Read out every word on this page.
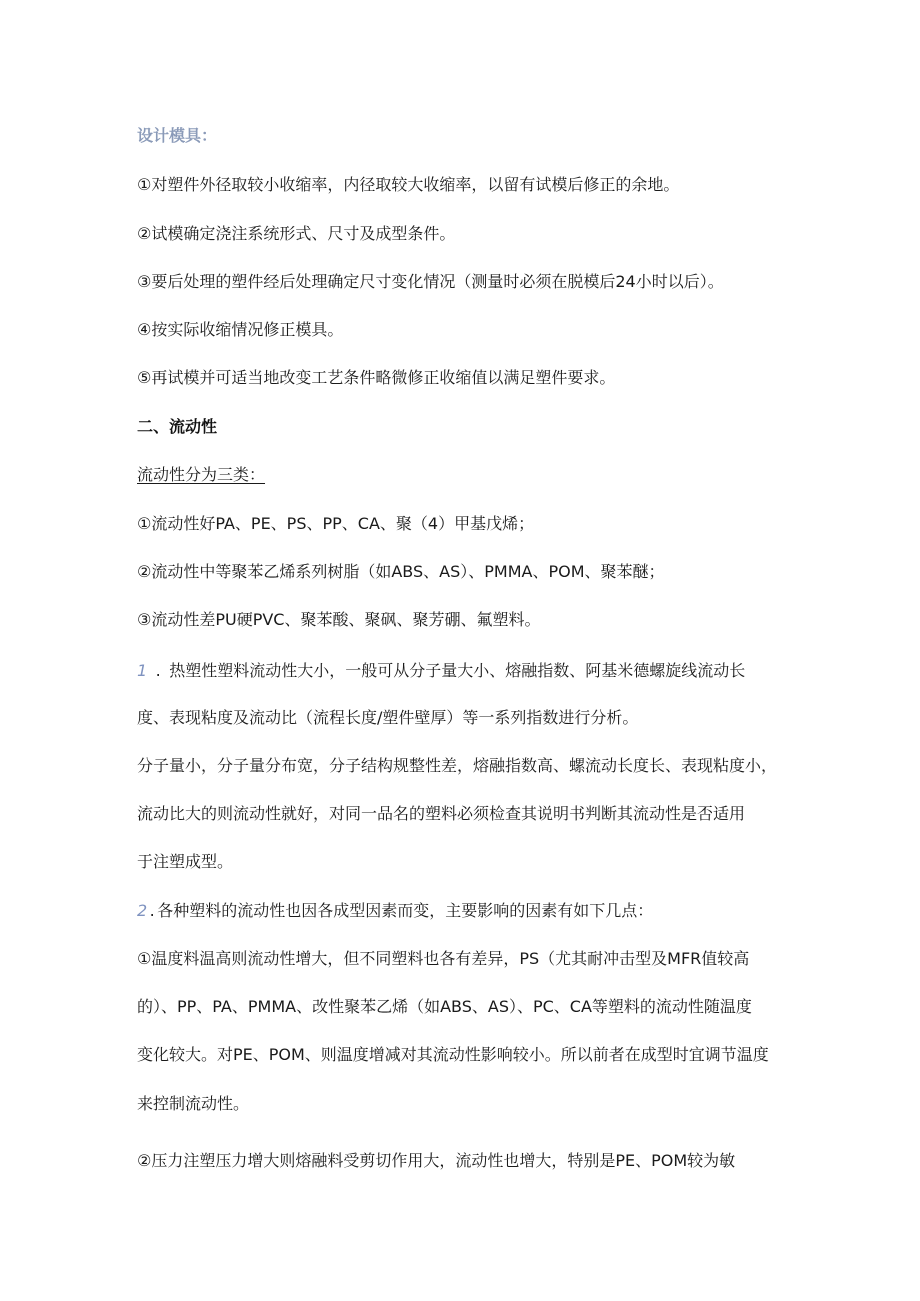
设计模具：
①对塑件外径取较小收缩率，内径取较大收缩率，以留有试模后修正的余地。
②试模确定浇注系统形式、尺寸及成型条件。
③要后处理的塑件经后处理确定尺寸变化情况（测量时必须在脱模后24小时以后）。
④按实际收缩情况修正模具。
⑤再试模并可适当地改变工艺条件略微修正收缩值以满足塑件要求。
二、流动性
流动性分为三类：
①流动性好PA、PE、PS、PP、CA、聚（4）甲基戊烯；
②流动性中等聚苯乙烯系列树脂（如ABS、AS）、PMMA、POM、聚苯醚；
③流动性差PU硬PVC、聚苯酸、聚砜、聚芳硼、氟塑料。
1 . 热塑性塑料流动性大小，一般可从分子量大小、熔融指数、阿基米德螺旋线流动长
度、表现粘度及流动比（流程长度/塑件壁厚）等一系列指数进行分析。
分子量小，分子量分布宽，分子结构规整性差，熔融指数高、螺流动长度长、表现粘度小，
流动比大的则流动性就好，对同一品名的塑料必须检查其说明书判断其流动性是否适用
于注塑成型。
2 . 各种塑料的流动性也因各成型因素而变，主要影响的因素有如下几点：
①温度料温高则流动性增大，但不同塑料也各有差异，PS（尤其耐冲击型及MFR值较高
的）、PP、PA、PMMA、改性聚苯乙烯（如ABS、AS）、PC、CA等塑料的流动性随温度
变化较大。对PE、POM、则温度增减对其流动性影响较小。所以前者在成型时宜调节温度
来控制流动性。
②压力注塑压力增大则熔融料受剪切作用大，流动性也增大，特别是PE、POM较为敏
